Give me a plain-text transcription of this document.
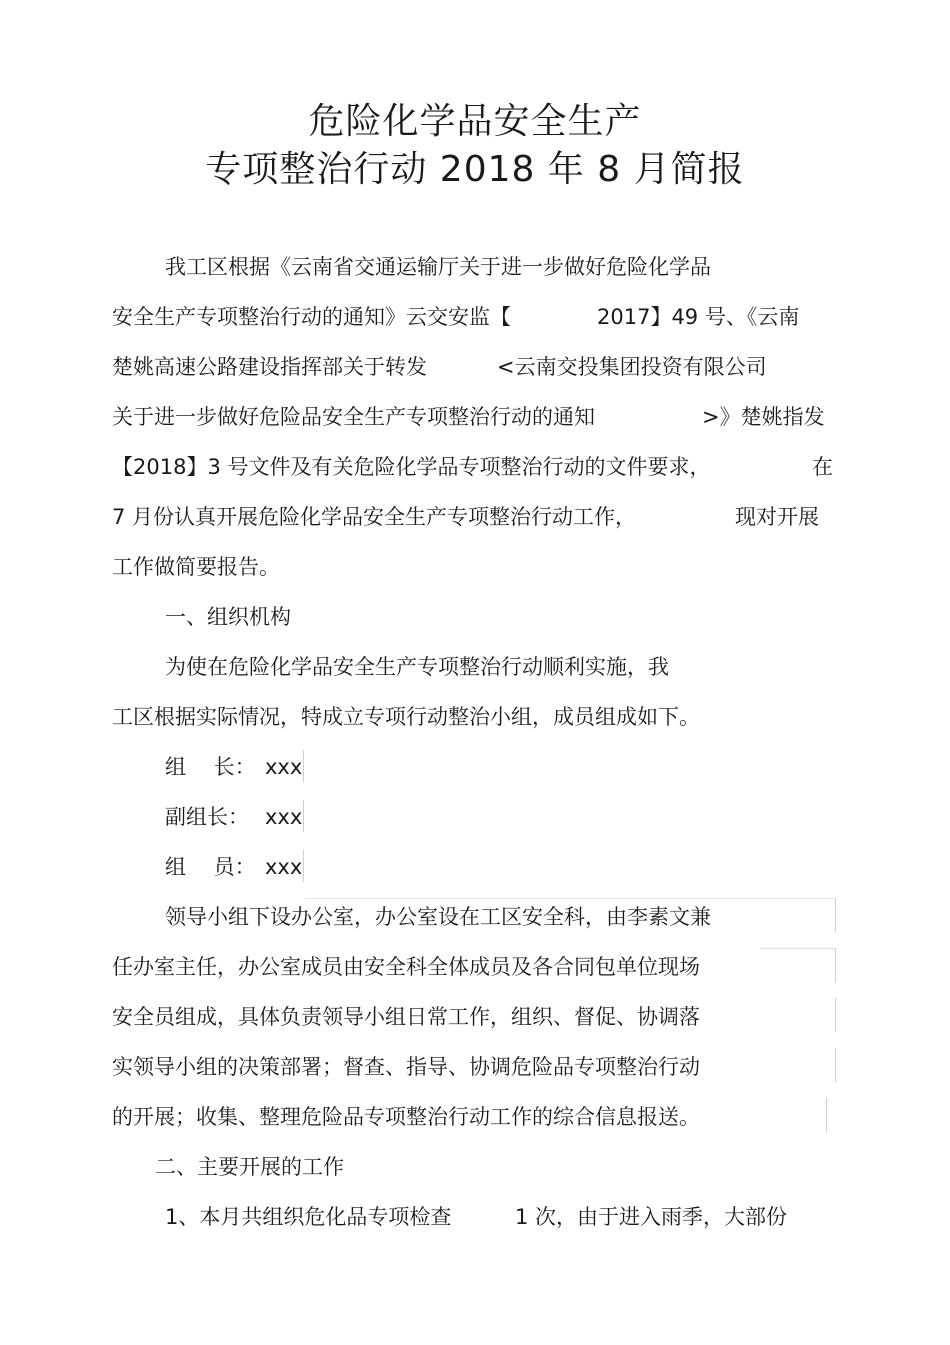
危险化学品安全生产
专项整治行动 2018 年 8 月简报
我工区根据《云南省交通运输厅关于进一步做好危险化学品
安全生产专项整治行动的通知》云交安监【	2017】49 号、《云南
楚姚高速公路建设指挥部关于转发	<云南交投集团投资有限公司
关于进一步做好危险品安全生产专项整治行动的通知	>》楚姚指发
【2018】3 号文件及有关危险化学品专项整治行动的文件要求，	在
7 月份认真开展危险化学品安全生产专项整治行动工作，	现对开展
工作做简要报告。
一、组织机构
为使在危险化学品安全生产专项整治行动顺利实施，我
工区根据实际情况，特成立专项行动整治小组，成员组成如下。
组　 长： xxx
副组长： xxx
组　 员： xxx
领导小组下设办公室，办公室设在工区安全科，由李素文兼
任办室主任，办公室成员由安全科全体成员及各合同包单位现场
安全员组成，具体负责领导小组日常工作，组织、督促、协调落
实领导小组的决策部署；督查、指导、协调危险品专项整治行动
的开展；收集、整理危险品专项整治行动工作的综合信息报送。
二、主要开展的工作
1、本月共组织危化品专项检查	1 次，由于进入雨季，大部份
